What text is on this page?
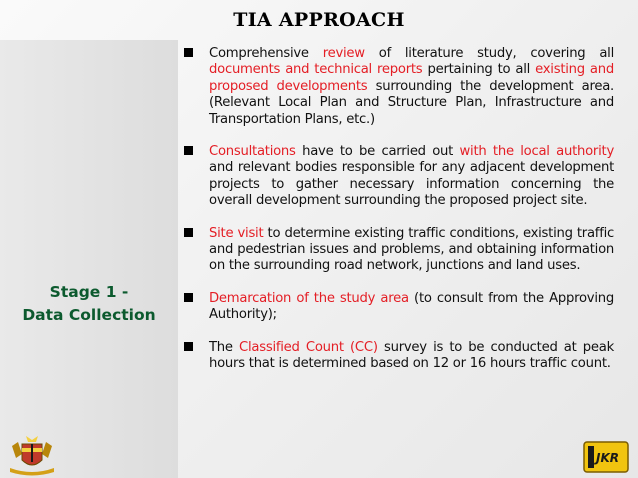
TIA APPROACH
Stage 1 -
Data Collection
Comprehensive review of literature study, covering all documents and technical reports pertaining to all existing and proposed developments surrounding the development area. (Relevant Local Plan and Structure Plan, Infrastructure and Transportation Plans, etc.)
Consultations have to be carried out with the local authority and relevant bodies responsible for any adjacent development projects to gather necessary information concerning the overall development surrounding the proposed project site.
Site visit to determine existing traffic conditions, existing traffic and pedestrian issues and problems, and obtaining information on the surrounding road network, junctions and land uses.
Demarcation of the study area (to consult from the Approving Authority);
The Classified Count (CC) survey is to be conducted at peak hours that is determined based on 12 or 16 hours traffic count.
JKR
